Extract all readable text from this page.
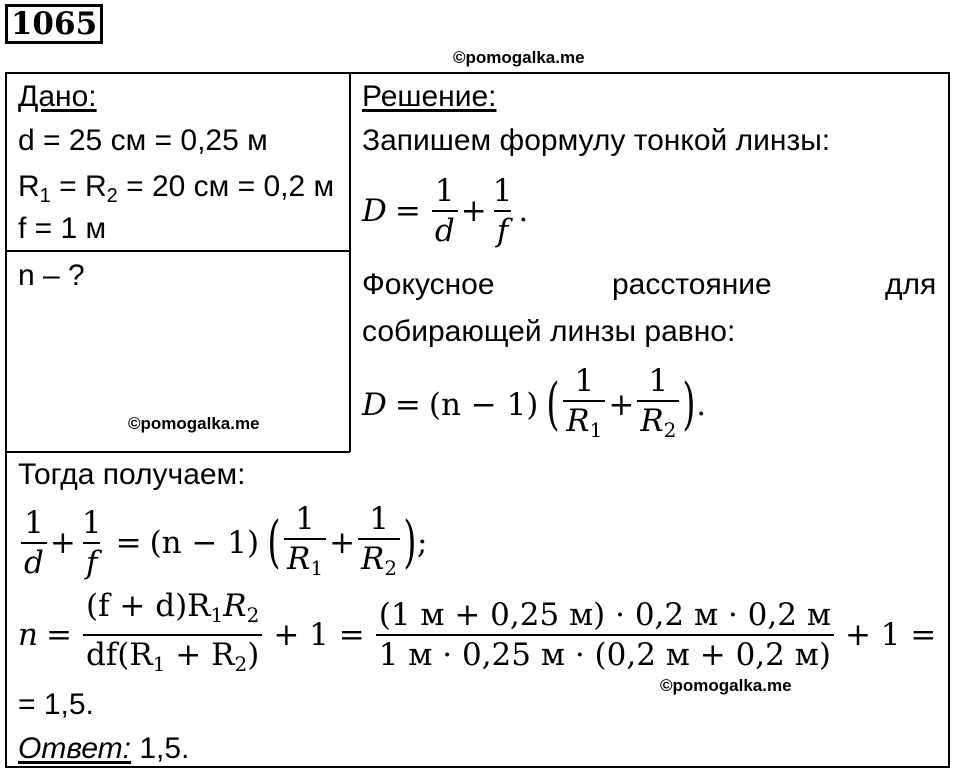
1065
©pomogalka.me
Дано:
d = 25 см = 0,25 м
$R_1 = R_2 = 20$ см = 0,2 м
f = 1 м
n – ?
©pomogalka.me
Решение:
Запишем формулу тонкой линзы:
$D = \frac{1}{d} + \frac{1}{f}$ .
Фокусное	расстояние	для
собирающей линзы равно:
D = (n − 1) ( $\frac{1}{R_1} + \frac{1}{R_2}$ ) .
Тогда получаем:
$\frac{1}{d} + \frac{1}{f} = (n - 1)$ ( $\frac{1}{R_1} + \frac{1}{R_2}$ ) ;
$n = \frac{(f + d)R_1R_2}{df(R_1 + R_2)} + 1 = \frac{(1 м + 0,25 м) \cdot 0,2 м \cdot 0,2 м}{1 м \cdot 0,25 м \cdot (0,2 м + 0,2 м)} + 1$ =
©pomogalka.me
= 1,5.
Ответ: 1,5.
